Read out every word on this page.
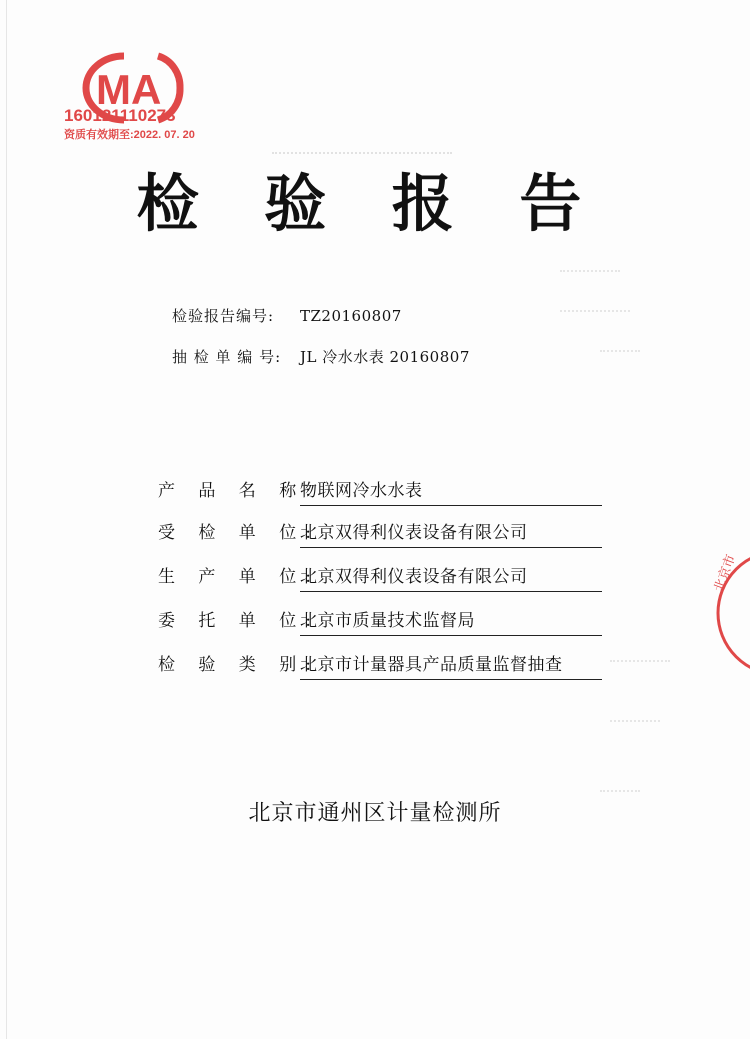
MA
160121110273
资质有效期至:2022. 07. 20
检 验 报 告
检验报告编号: TZ20160807
抽 检 单 编 号: JL 冷水水表 20160807
产 品 名 称:
物联网冷水水表
受 检 单 位:
北京双得利仪表设备有限公司
生 产 单 位:
北京双得利仪表设备有限公司
委 托 单 位:
北京市质量技术监督局
检 验 类 别:
北京市计量器具产品质量监督抽查
北京市通州区计量检测所
北京市
